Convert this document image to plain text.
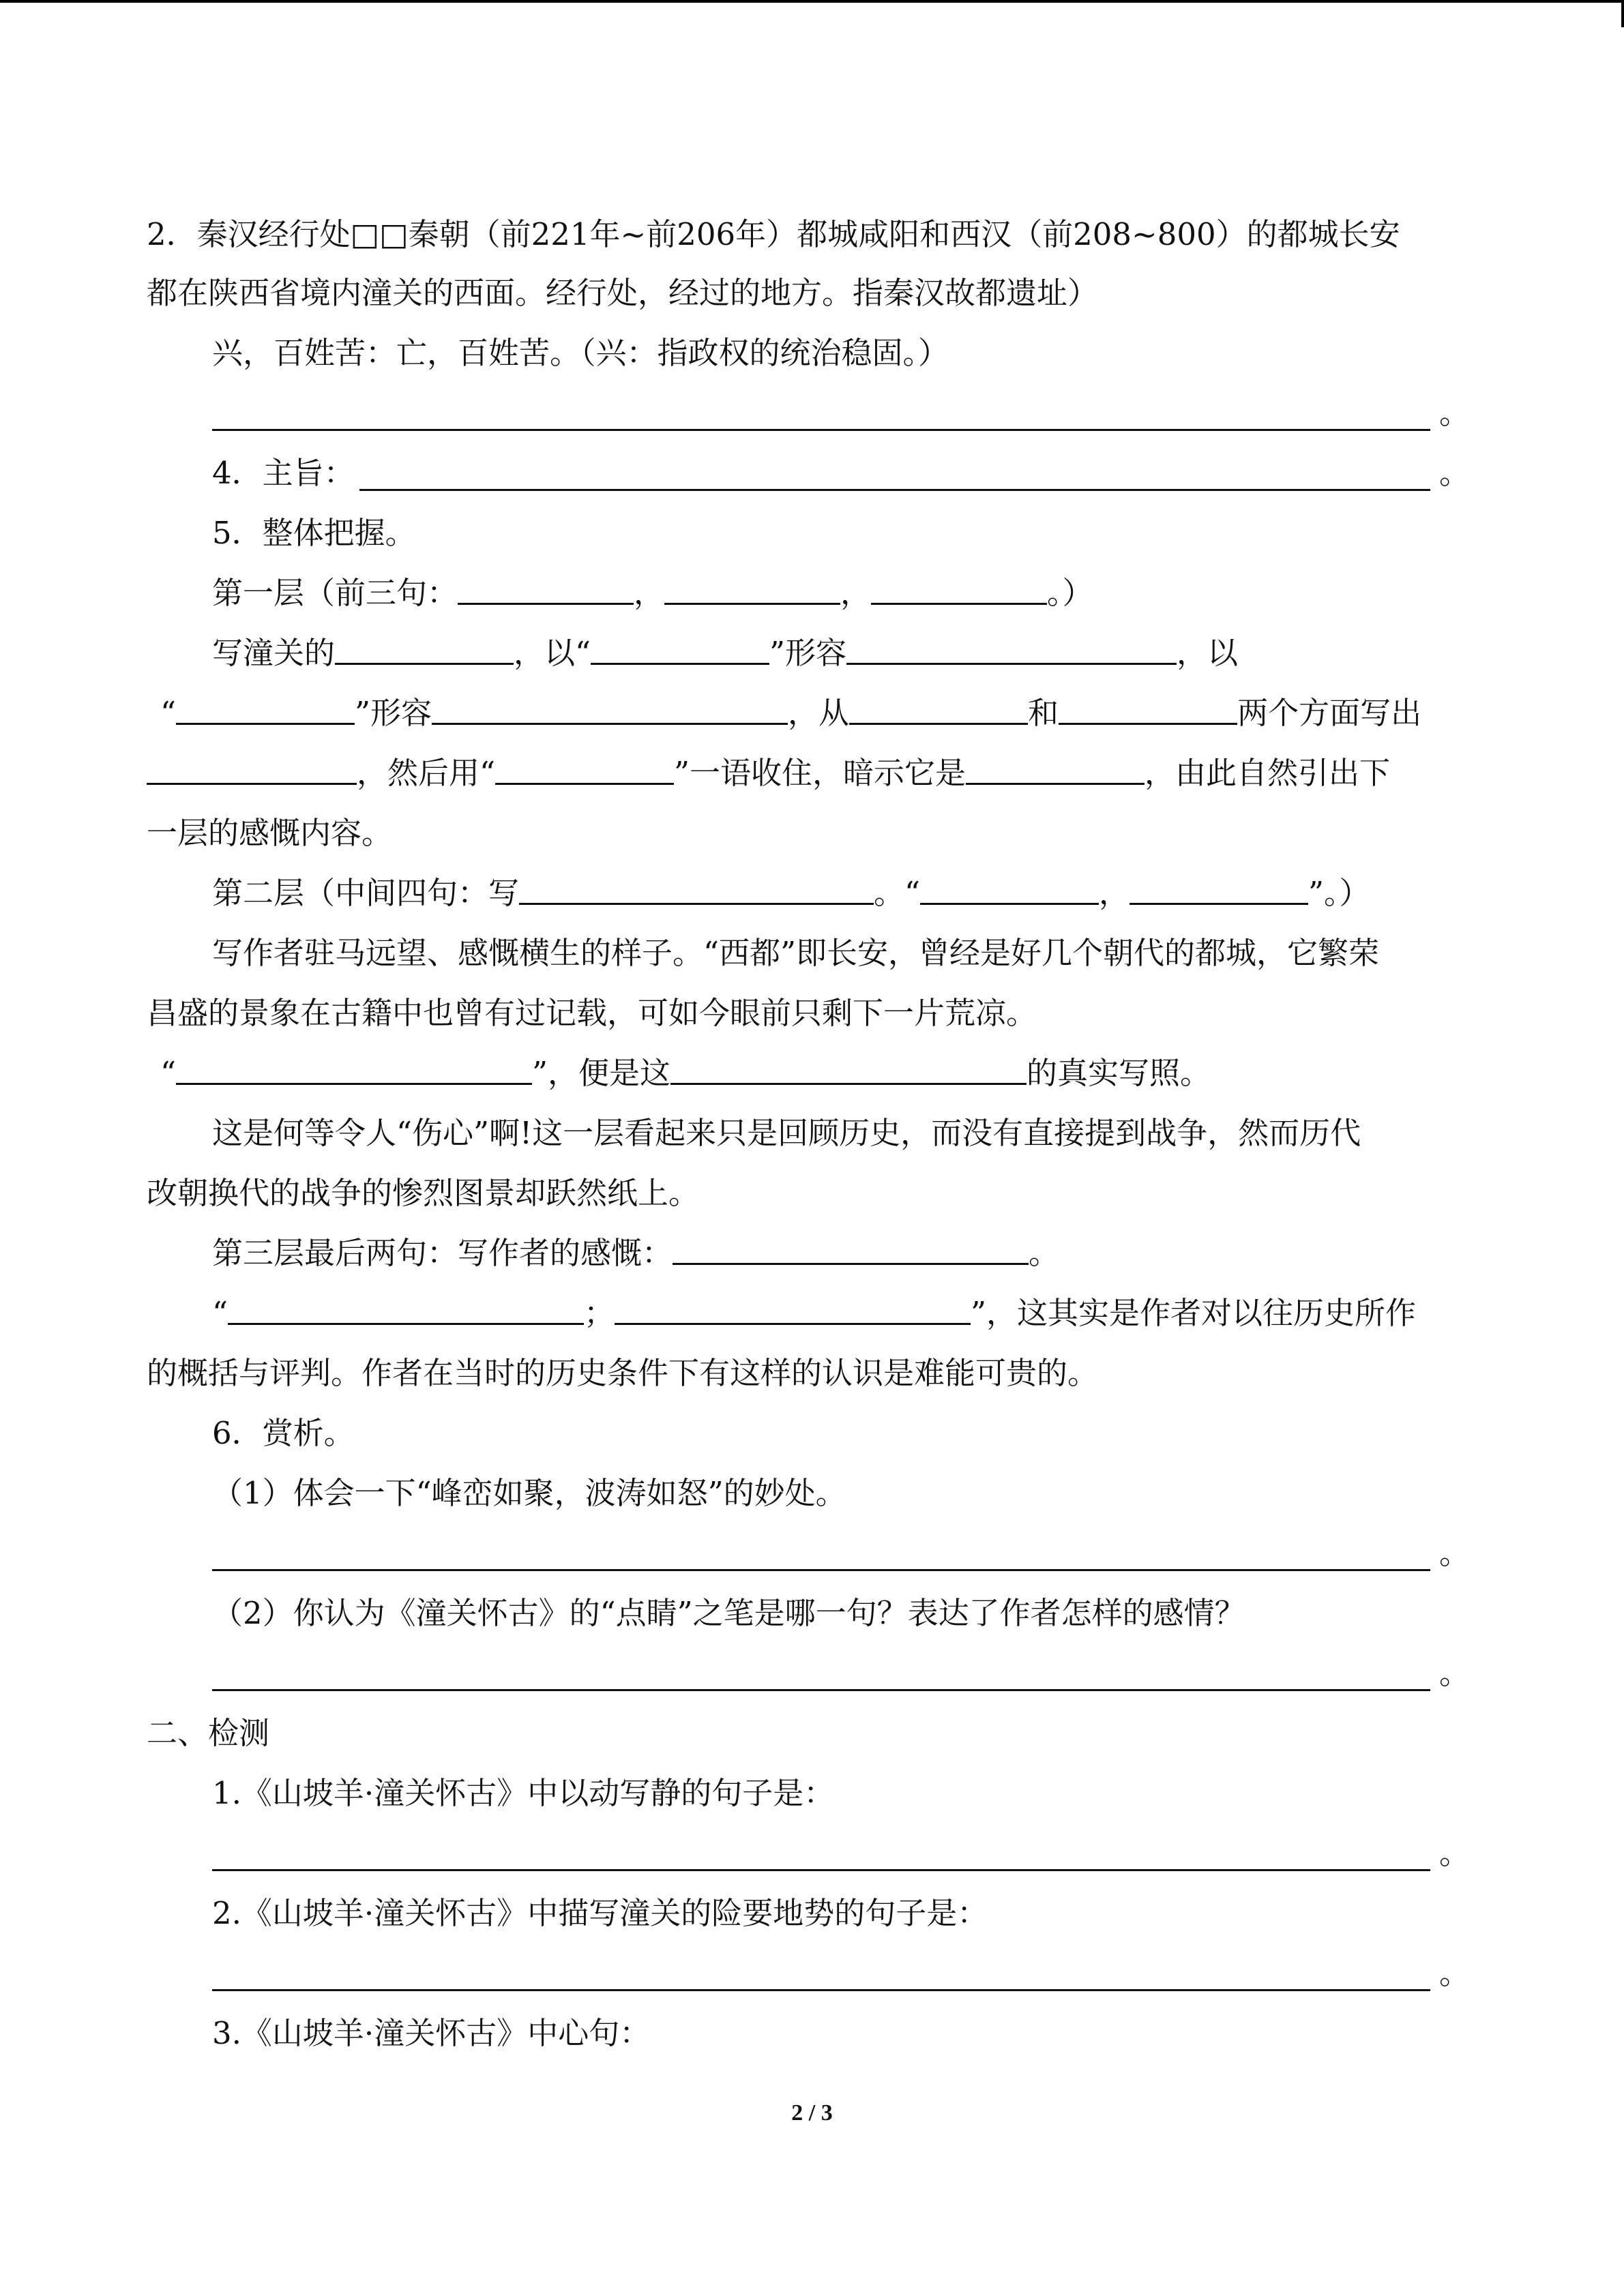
2．秦汉经行处□□秦朝（前221年~前206年）都城咸阳和西汉（前208~800）的都城长安
都在陕西省境内潼关的西面。经行处，经过的地方。指秦汉故都遗址）
兴，百姓苦：亡，百姓苦。（兴：指政权的统治稳固。）
。
4．主旨：	。
5．整体把握。
第一层（前三句：	，	，	。）
写潼关的	，以“	”形容	，以
“	”形容	，从	和	两个方面写出
，然后用“	”一语收住，暗示它是	，由此自然引出下
一层的感慨内容。
第二层（中间四句：写	。“	，	”。）
写作者驻马远望、感慨横生的样子。“西都”即长安，曾经是好几个朝代的都城，它繁荣
昌盛的景象在古籍中也曾有过记载，可如今眼前只剩下一片荒凉。
“	”，便是这	的真实写照。
这是何等令人“伤心”啊!这一层看起来只是回顾历史，而没有直接提到战争，然而历代
改朝换代的战争的惨烈图景却跃然纸上。
第三层最后两句：写作者的感慨：	。
“	；	”，这其实是作者对以往历史所作
的概括与评判。作者在当时的历史条件下有这样的认识是难能可贵的。
6．赏析。
（1）体会一下“峰峦如聚，波涛如怒”的妙处。
。
（2）你认为《潼关怀古》的“点睛”之笔是哪一句？表达了作者怎样的感情？
。
二、检测
1.《山坡羊·潼关怀古》中以动写静的句子是：
。
2.《山坡羊·潼关怀古》中描写潼关的险要地势的句子是：
。
3.《山坡羊·潼关怀古》中心句：
2 / 3
